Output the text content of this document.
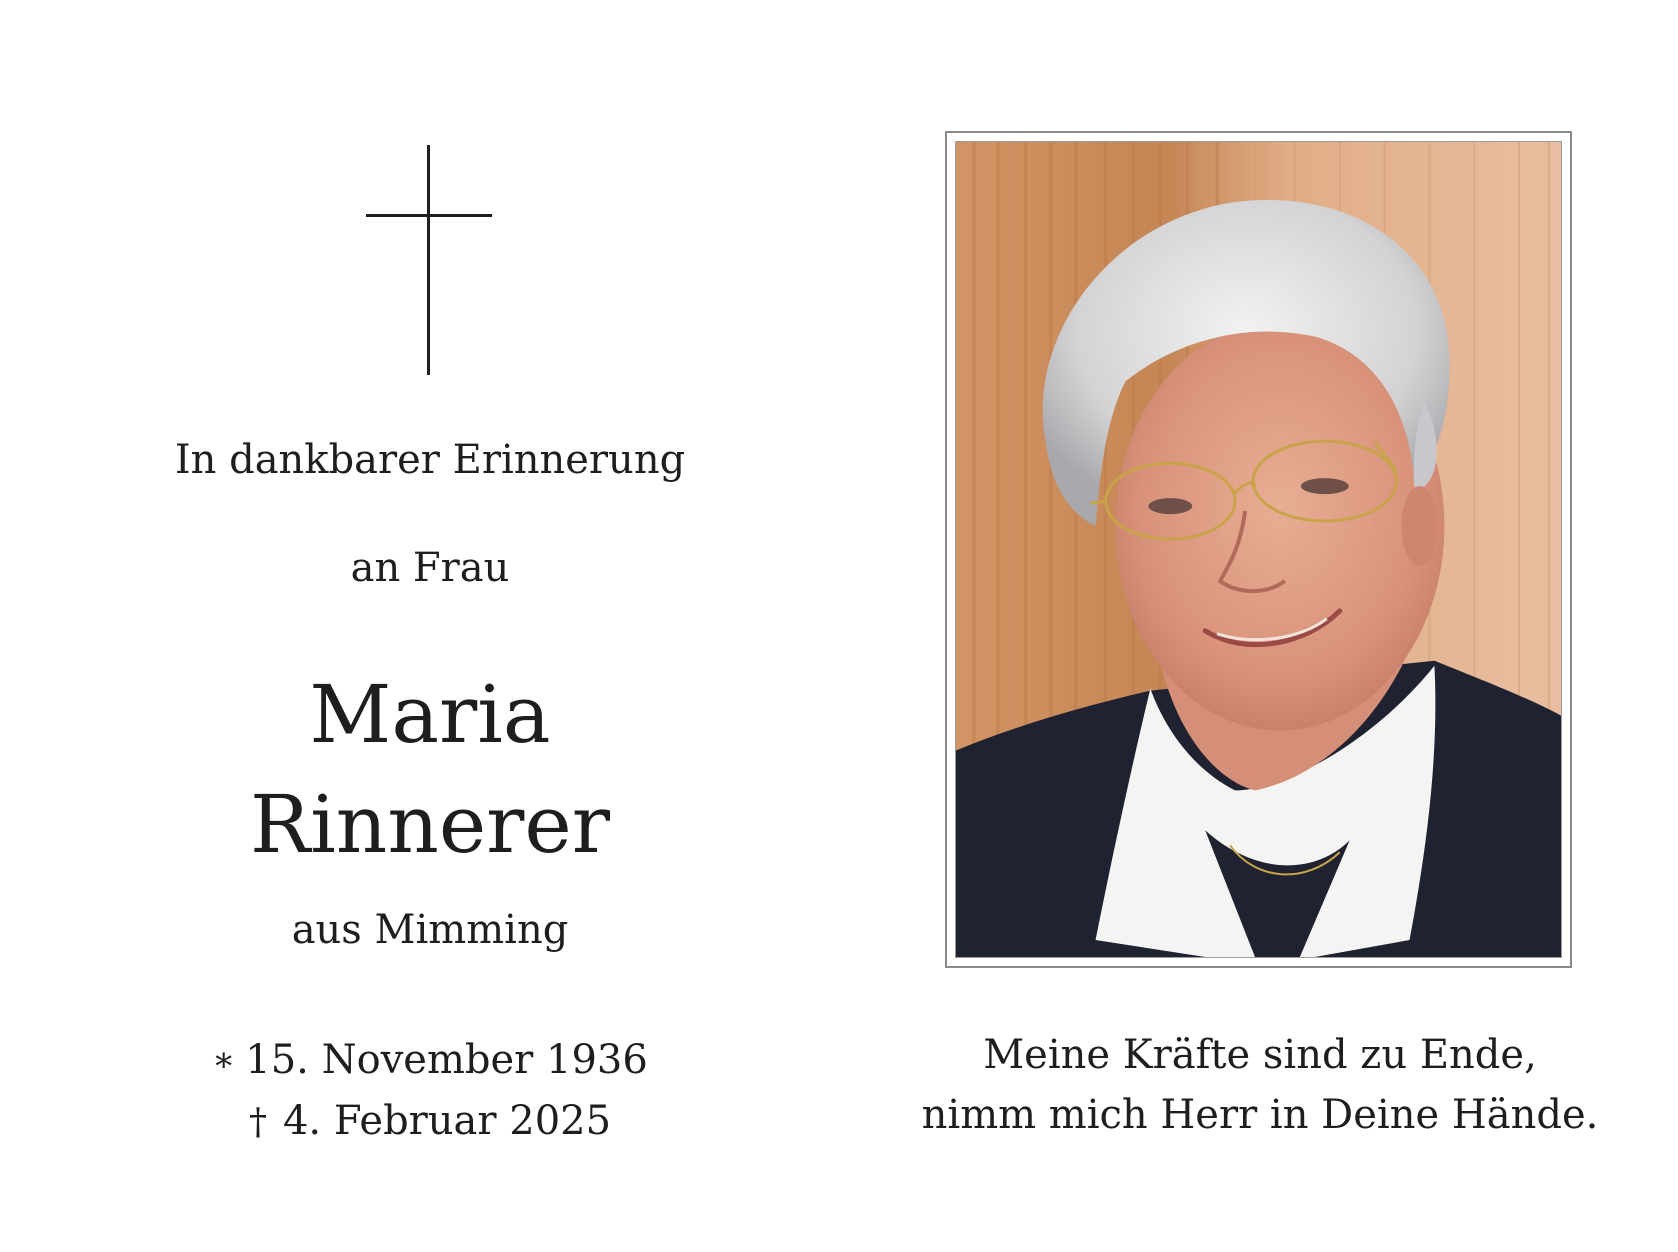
In dankbarer Erinnerung
an Frau
Maria
Rinnerer
aus Mimming
∗ 15. November 1936
† 4. Februar 2025
Meine Kräfte sind zu Ende,
nimm mich Herr in Deine Hände.
